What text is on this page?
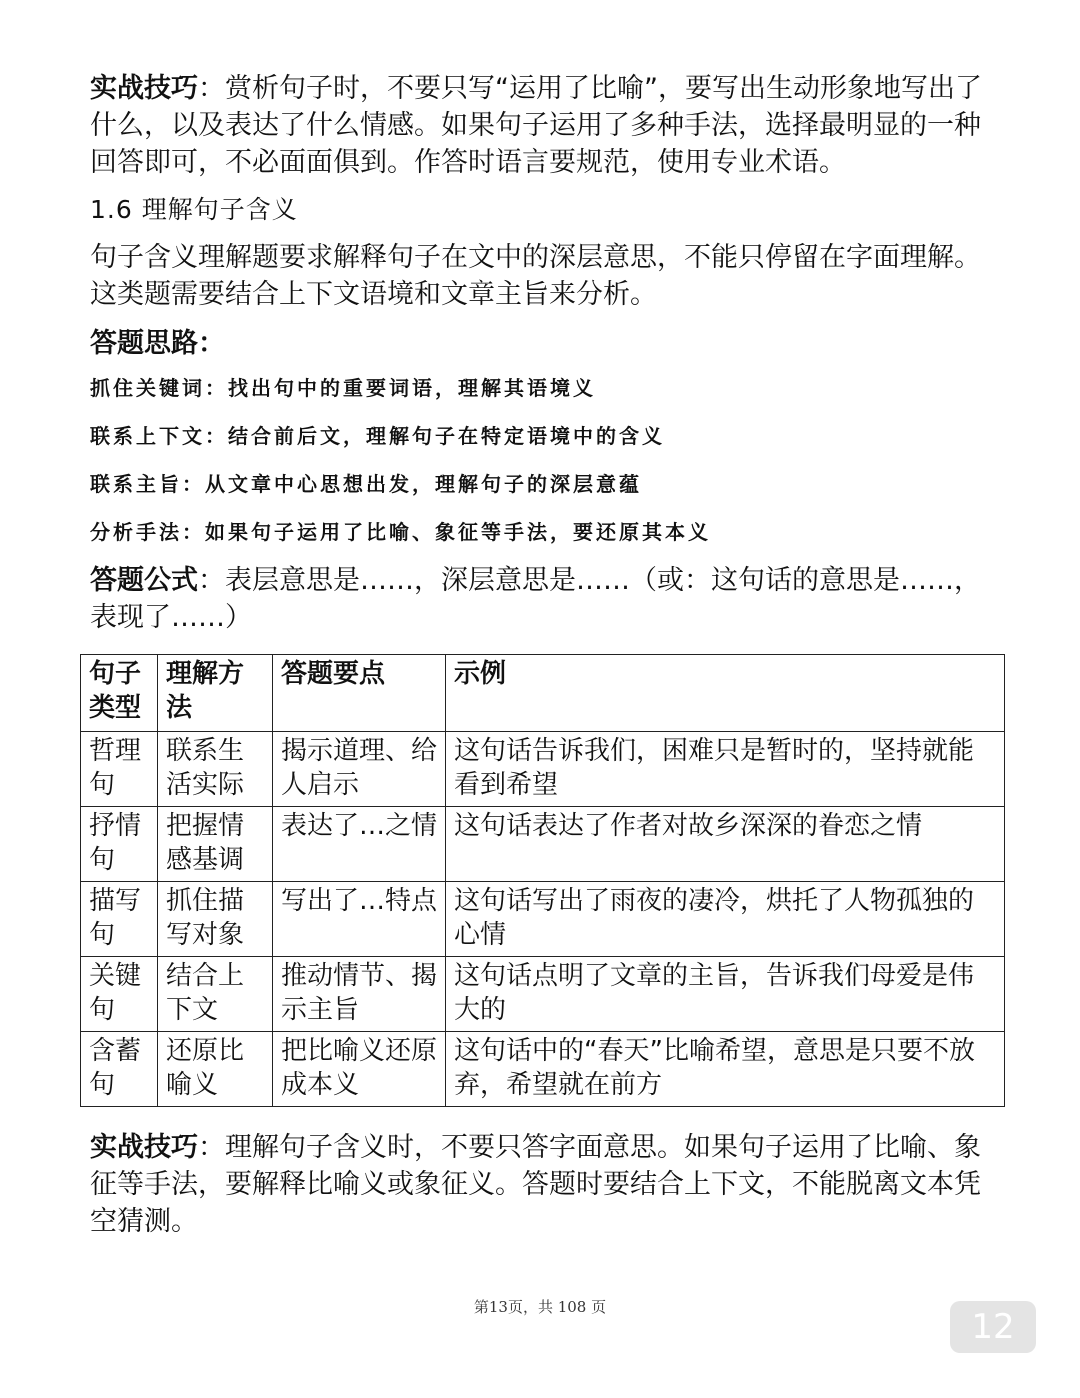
实战技巧：赏析句子时，不要只写“运用了比喻”，要写出生动形象地写出了什么，以及表达了什么情感。如果句子运用了多种手法，选择最明显的一种回答即可，不必面面俱到。作答时语言要规范，使用专业术语。

1.6 理解句子含义

句子含义理解题要求解释句子在文中的深层意思，不能只停留在字面理解。这类题需要结合上下文语境和文章主旨来分析。

答题思路：

抓住关键词：找出句中的重要词语，理解其语境义

联系上下文：结合前后文，理解句子在特定语境中的含义

联系主旨：从文章中心思想出发，理解句子的深层意蕴

分析手法：如果句子运用了比喻、象征等手法，要还原其本义

答题公式：表层意思是……，深层意思是……（或：这句话的意思是……，表现了……）

句子类型	理解方法	答题要点	示例
哲理句	联系生活实际	揭示道理、给人启示	这句话告诉我们，困难只是暂时的，坚持就能看到希望
抒情句	把握情感基调	表达了…之情	这句话表达了作者对故乡深深的眷恋之情
描写句	抓住描写对象	写出了…特点	这句话写出了雨夜的凄冷，烘托了人物孤独的心情
关键句	结合上下文	推动情节、揭示主旨	这句话点明了文章的主旨，告诉我们母爱是伟大的
含蓄句	还原比喻义	把比喻义还原成本义	这句话中的“春天”比喻希望，意思是只要不放弃，希望就在前方

实战技巧：理解句子含义时，不要只答字面意思。如果句子运用了比喻、象征等手法，要解释比喻义或象征义。答题时要结合上下文，不能脱离文本凭空猜测。

第13页，共 108 页	12
